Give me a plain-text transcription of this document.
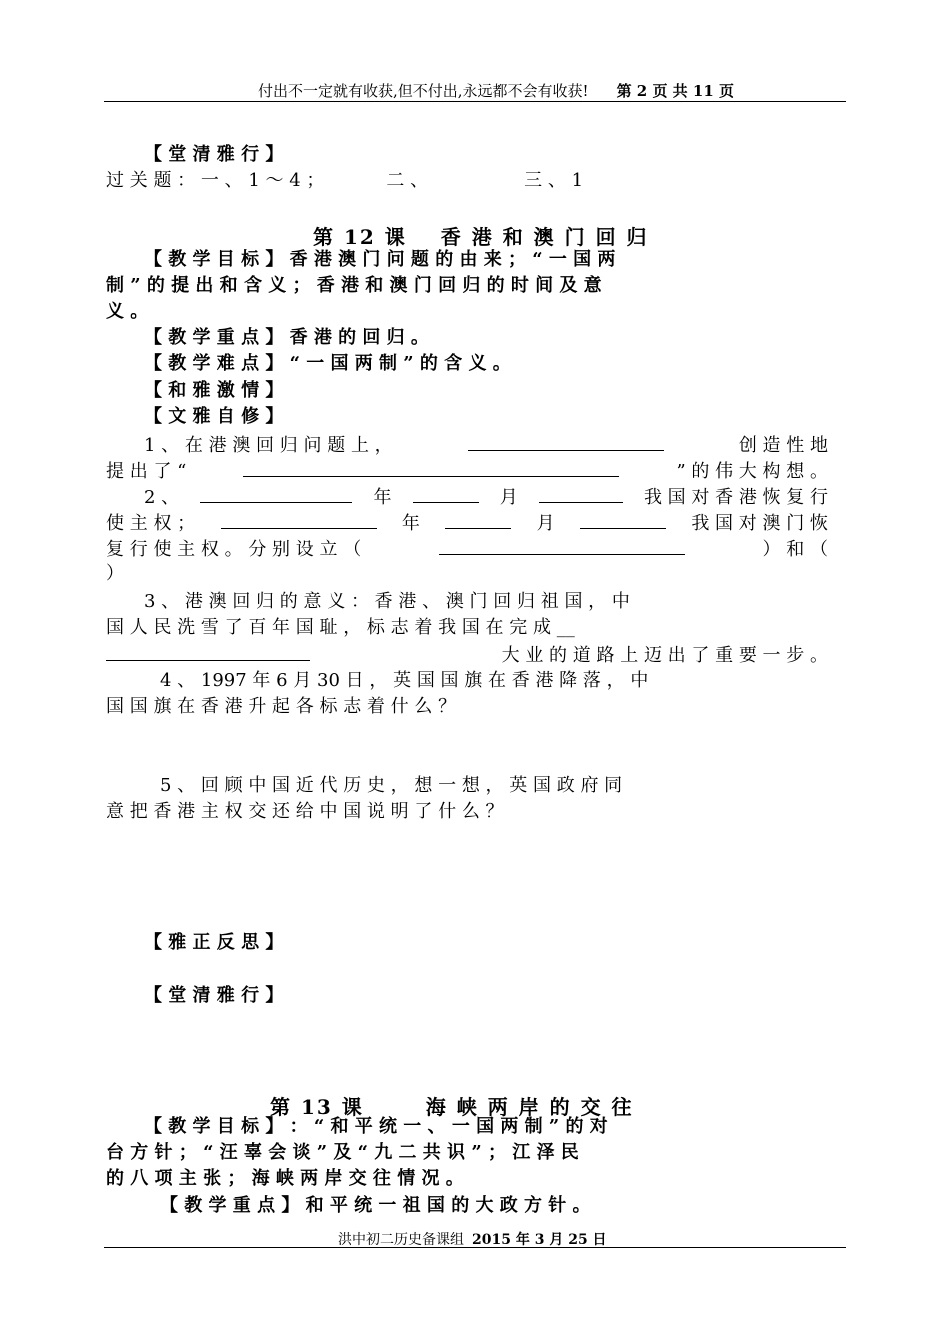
付出不一定就有收获,但不付出,永远都不会有收获! 第 2 页 共 11 页
【 堂 清 雅 行 】
过 关 题 ： 一 、 1 ～ 4 ；	二 、	三 、 1
第 12 课 香 港 和 澳 门 回 归
【 教 学 目 标 】 香 港 澳 门 问 题 的 由 来 ； “ 一 国 两
制 ” 的 提 出 和 含 义 ； 香 港 和 澳 门 回 归 的 时 间 及 意
义 。
【 教 学 重 点 】 香 港 的 回 归 。
【 教 学 难 点 】 “ 一 国 两 制 ” 的 含 义 。
【 和 雅 激 情 】
【 文 雅 自 修 】
1 、 在 港 澳 回 归 问 题 上 ，	创 造 性 地
提 出 了 “	” 的 伟 大 构 想 。
2 、	年	月	我 国 对 香 港 恢 复 行
使 主 权 ；	年	月	我 国 对 澳 门 恢
复 行 使 主 权 。 分 别 设 立 （	） 和 （
）
3 、 港 澳 回 归 的 意 义 ： 香 港 、 澳 门 回 归 祖 国 ， 中
国 人 民 洗 雪 了 百 年 国 耻 ， 标 志 着 我 国 在 完 成 __
大 业 的 道 路 上 迈 出 了 重 要 一 步 。
4 、 1997 年 6 月 30 日 ， 英 国 国 旗 在 香 港 降 落 ， 中
国 国 旗 在 香 港 升 起 各 标 志 着 什 么 ？
5 、 回 顾 中 国 近 代 历 史 ， 想 一 想 ， 英 国 政 府 同
意 把 香 港 主 权 交 还 给 中 国 说 明 了 什 么 ？
【 雅 正 反 思 】
【 堂 清 雅 行 】
第 13 课	海 峡 两 岸 的 交 往
【 教 学 目 标 】 ： “ 和 平 统 一 、 一 国 两 制 ” 的 对
台 方 针 ； “ 汪 辜 会 谈 ” 及 “ 九 二 共 识 ” ； 江 泽 民
的 八 项 主 张 ； 海 峡 两 岸 交 往 情 况 。
【 教 学 重 点 】 和 平 统 一 祖 国 的 大 政 方 针 。
洪中初二历史备课组 2015 年 3 月 25 日
